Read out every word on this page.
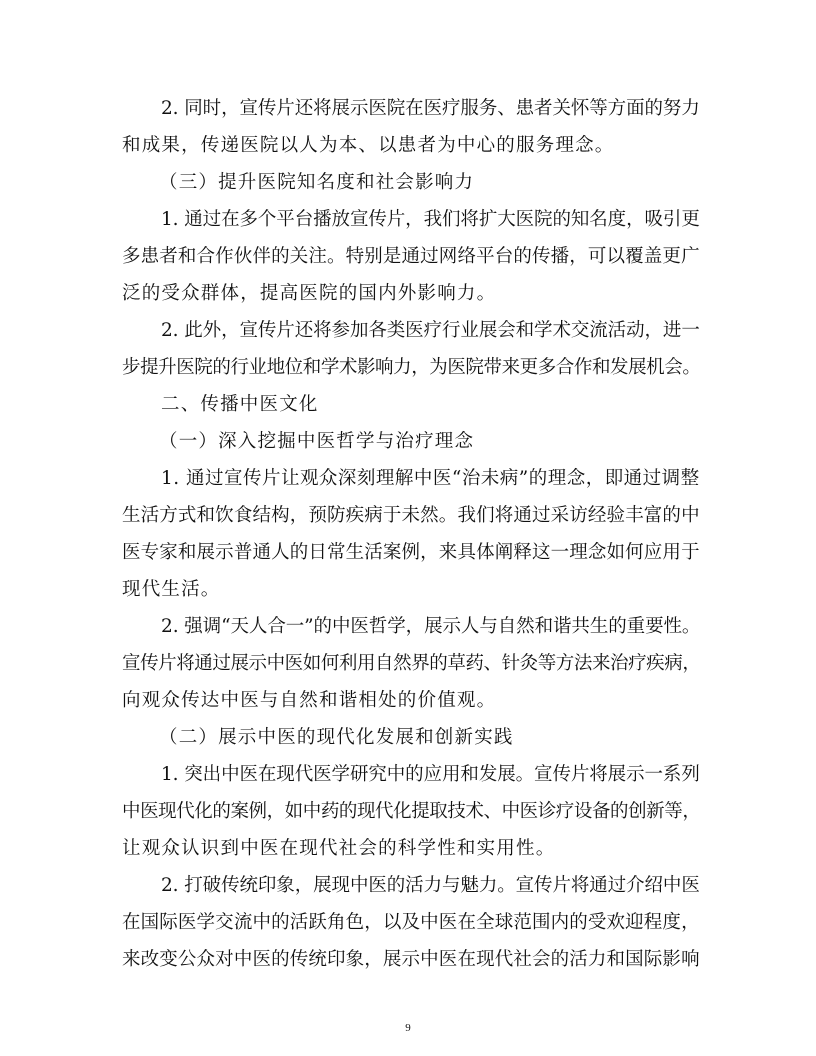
2. 同时，宣传片还将展示医院在医疗服务、患者关怀等方面的努力
和成果，传递医院以人为本、以患者为中心的服务理念。
（三）提升医院知名度和社会影响力
1. 通过在多个平台播放宣传片，我们将扩大医院的知名度，吸引更
多患者和合作伙伴的关注。特别是通过网络平台的传播，可以覆盖更广
泛的受众群体，提高医院的国内外影响力。
2. 此外，宣传片还将参加各类医疗行业展会和学术交流活动，进一
步提升医院的行业地位和学术影响力，为医院带来更多合作和发展机会。
二、传播中医文化
（一）深入挖掘中医哲学与治疗理念
1. 通过宣传片让观众深刻理解中医“治未病”的理念，即通过调整
生活方式和饮食结构，预防疾病于未然。我们将通过采访经验丰富的中
医专家和展示普通人的日常生活案例，来具体阐释这一理念如何应用于
现代生活。
2. 强调“天人合一”的中医哲学，展示人与自然和谐共生的重要性。
宣传片将通过展示中医如何利用自然界的草药、针灸等方法来治疗疾病，
向观众传达中医与自然和谐相处的价值观。
（二）展示中医的现代化发展和创新实践
1. 突出中医在现代医学研究中的应用和发展。宣传片将展示一系列
中医现代化的案例，如中药的现代化提取技术、中医诊疗设备的创新等，
让观众认识到中医在现代社会的科学性和实用性。
2. 打破传统印象，展现中医的活力与魅力。宣传片将通过介绍中医
在国际医学交流中的活跃角色，以及中医在全球范围内的受欢迎程度，
来改变公众对中医的传统印象，展示中医在现代社会的活力和国际影响
9
